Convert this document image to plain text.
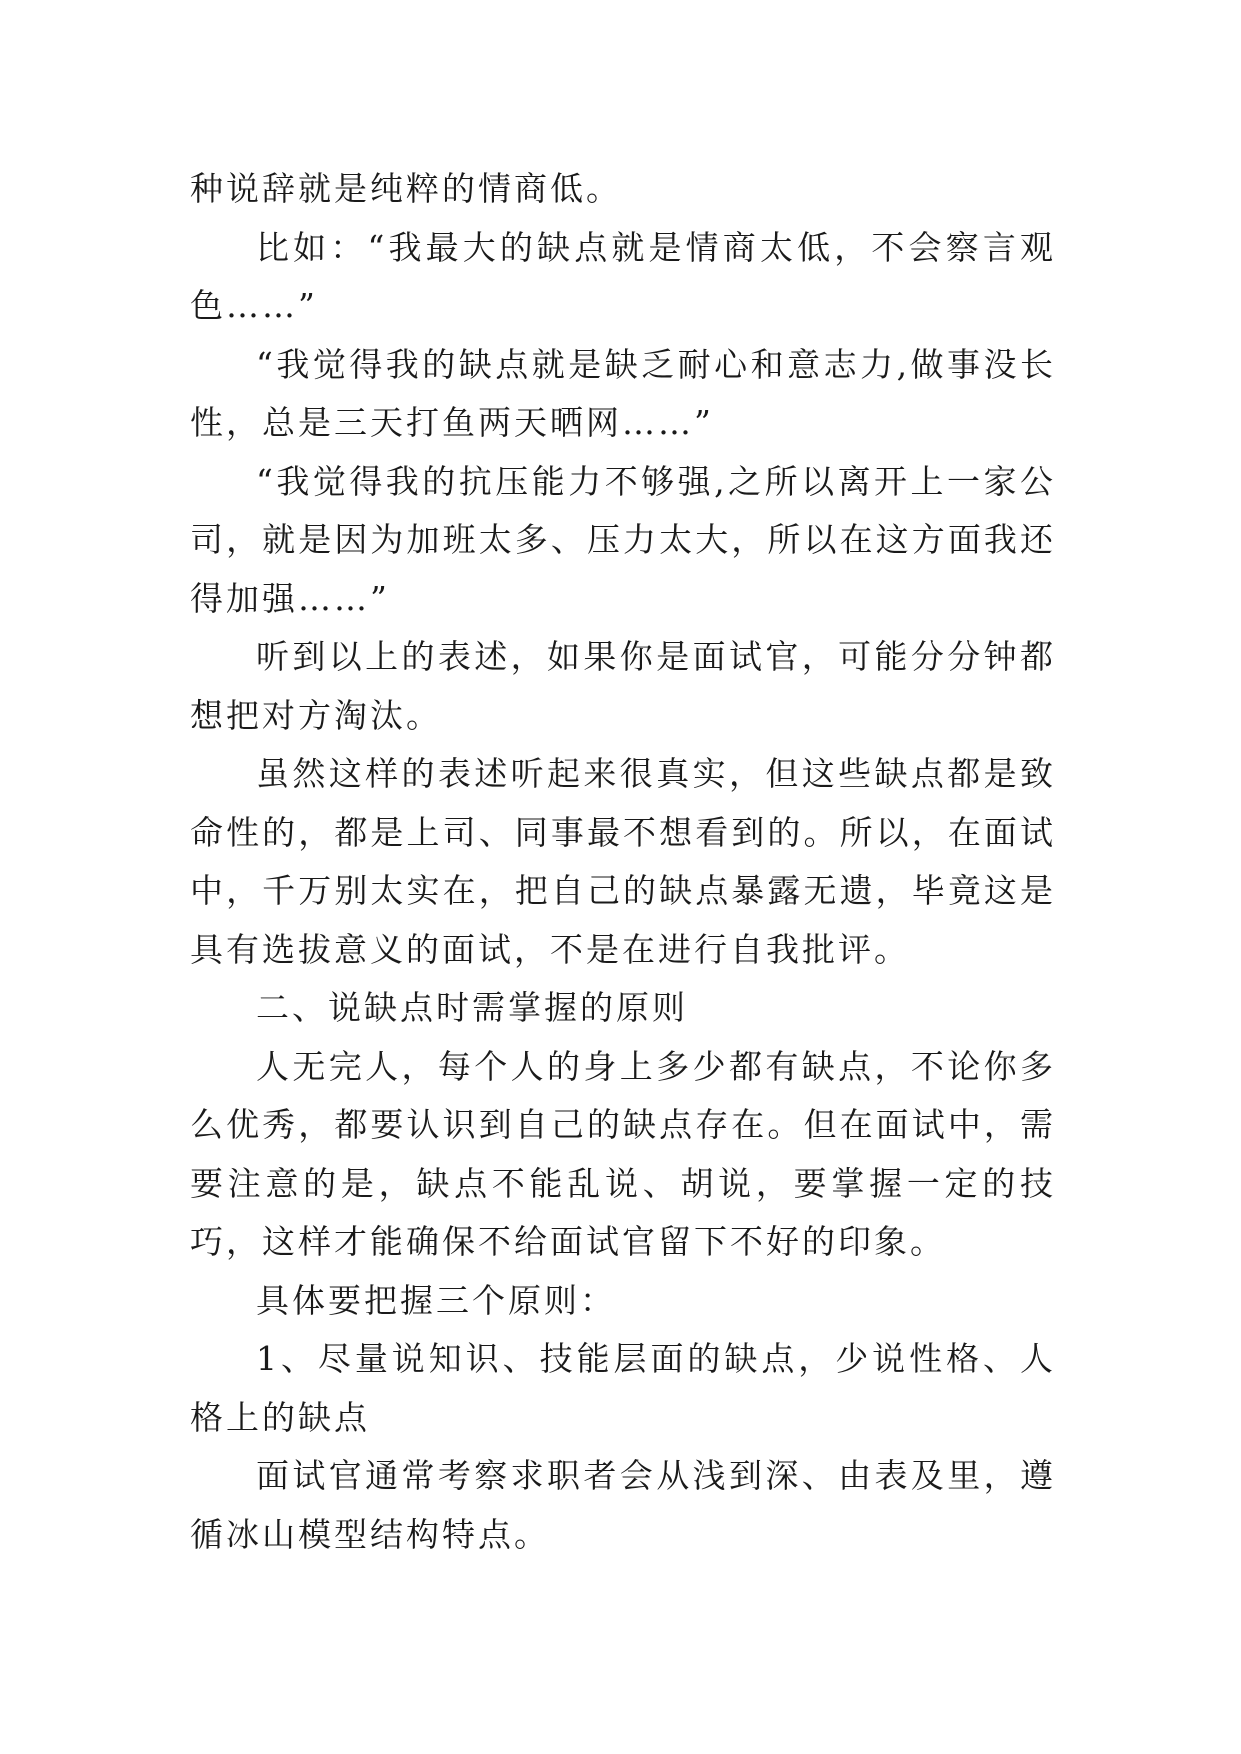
种说辞就是纯粹的情商低。

比如：“我最大的缺点就是情商太低，不会察言观色……”

“我觉得我的缺点就是缺乏耐心和意志力,做事没长性，总是三天打鱼两天晒网……”

“我觉得我的抗压能力不够强,之所以离开上一家公司，就是因为加班太多、压力太大，所以在这方面我还得加强……”

听到以上的表述，如果你是面试官，可能分分钟都想把对方淘汰。

虽然这样的表述听起来很真实，但这些缺点都是致命性的，都是上司、同事最不想看到的。所以，在面试中，千万别太实在，把自己的缺点暴露无遗，毕竟这是具有选拔意义的面试，不是在进行自我批评。

二、说缺点时需掌握的原则

人无完人，每个人的身上多少都有缺点，不论你多么优秀，都要认识到自己的缺点存在。但在面试中，需要注意的是，缺点不能乱说、胡说，要掌握一定的技巧，这样才能确保不给面试官留下不好的印象。

具体要把握三个原则：

1、尽量说知识、技能层面的缺点，少说性格、人格上的缺点

面试官通常考察求职者会从浅到深、由表及里，遵循冰山模型结构特点。
